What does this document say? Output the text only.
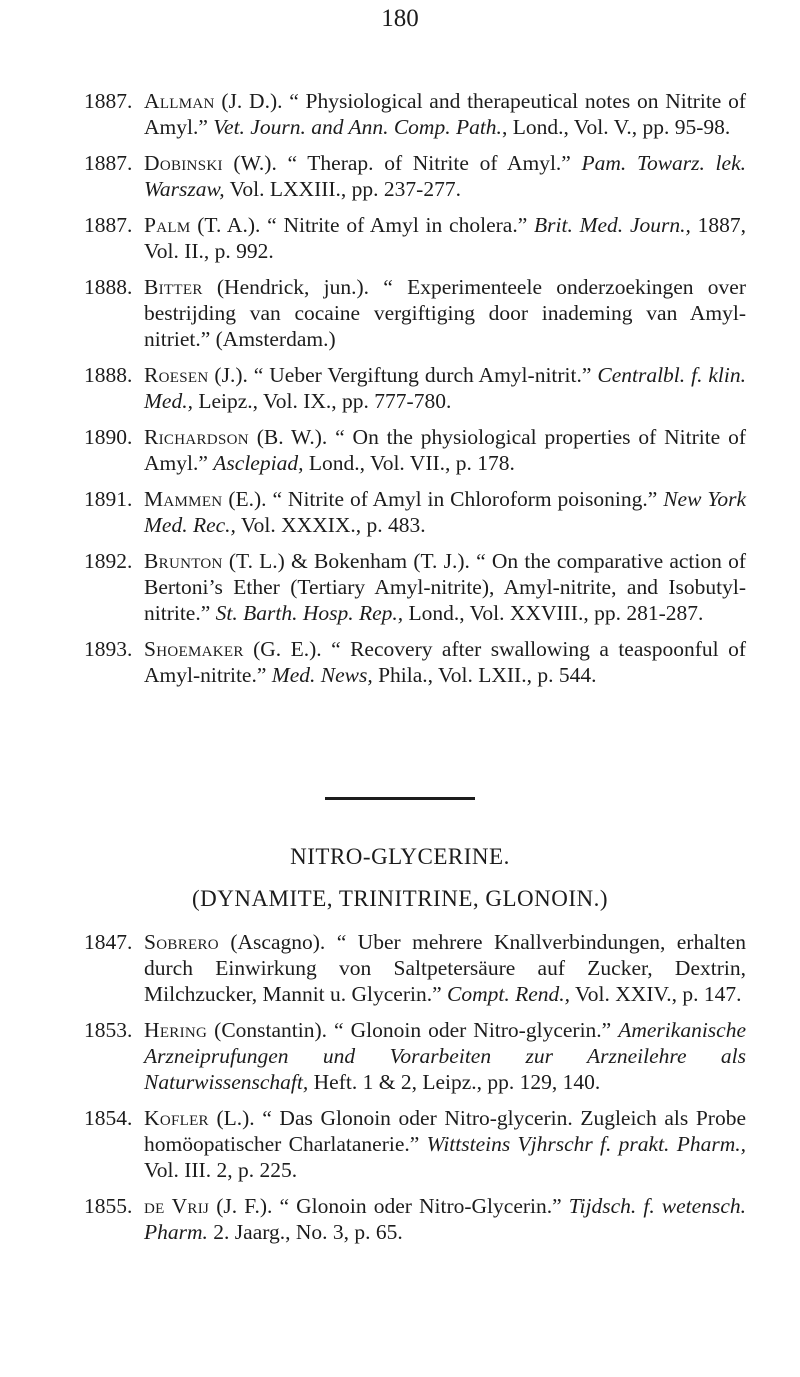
180
1887. Allman (J. D.). “ Physiological and therapeutical notes on Nitrite of Amyl.” Vet. Journ. and Ann. Comp. Path., Lond., Vol. V., pp. 95-98.
1887. Dobinski (W.). “ Therap. of Nitrite of Amyl.” Pam. Towarz. lek. Warszaw, Vol. LXXIII., pp. 237-277.
1887. Palm (T. A.). “ Nitrite of Amyl in cholera.” Brit. Med. Journ., 1887, Vol. II., p. 992.
1888. Bitter (Hendrick, jun.). “ Experimenteele onderzoekingen over bestrijding van cocaine vergiftiging door inademing van Amyl-nitriet.” (Amsterdam.)
1888. Roesen (J.). “ Ueber Vergiftung durch Amyl-nitrit.” Centralbl. f. klin. Med., Leipz., Vol. IX., pp. 777-780.
1890. Richardson (B. W.). “ On the physiological properties of Nitrite of Amyl.” Asclepiad, Lond., Vol. VII., p. 178.
1891. Mammen (E.). “ Nitrite of Amyl in Chloroform poisoning.” New York Med. Rec., Vol. XXXIX., p. 483.
1892. Brunton (T. L.) & Bokenham (T. J.). “ On the comparative action of Bertoni’s Ether (Tertiary Amyl-nitrite), Amyl-nitrite, and Isobutyl-nitrite.” St. Barth. Hosp. Rep., Lond., Vol. XXVIII., pp. 281-287.
1893. Shoemaker (G. E.). “ Recovery after swallowing a teaspoonful of Amyl-nitrite.” Med. News, Phila., Vol. LXII., p. 544.
NITRO-GLYCERINE.
(DYNAMITE, TRINITRINE, GLONOIN.)
1847. Sobrero (Ascagno). “ Uber mehrere Knallverbindungen, erhalten durch Einwirkung von Saltpetersäure auf Zucker, Dextrin, Milchzucker, Mannit u. Glycerin.” Compt. Rend., Vol. XXIV., p. 147.
1853. Hering (Constantin). “ Glonoin oder Nitro-glycerin.” Amerikanische Arzneiprufungen und Vorarbeiten zur Arzneilehre als Naturwissenschaft, Heft. 1 & 2, Leipz., pp. 129, 140.
1854. Kofler (L.). “ Das Glonoin oder Nitro-glycerin. Zugleich als Probe homöopatischer Charlatanerie.” Wittsteins Vjhrschr f. prakt. Pharm., Vol. III. 2, p. 225.
1855. de Vrij (J. F.). “ Glonoin oder Nitro-Glycerin.” Tijdsch. f. wetensch. Pharm. 2. Jaarg., No. 3, p. 65.
